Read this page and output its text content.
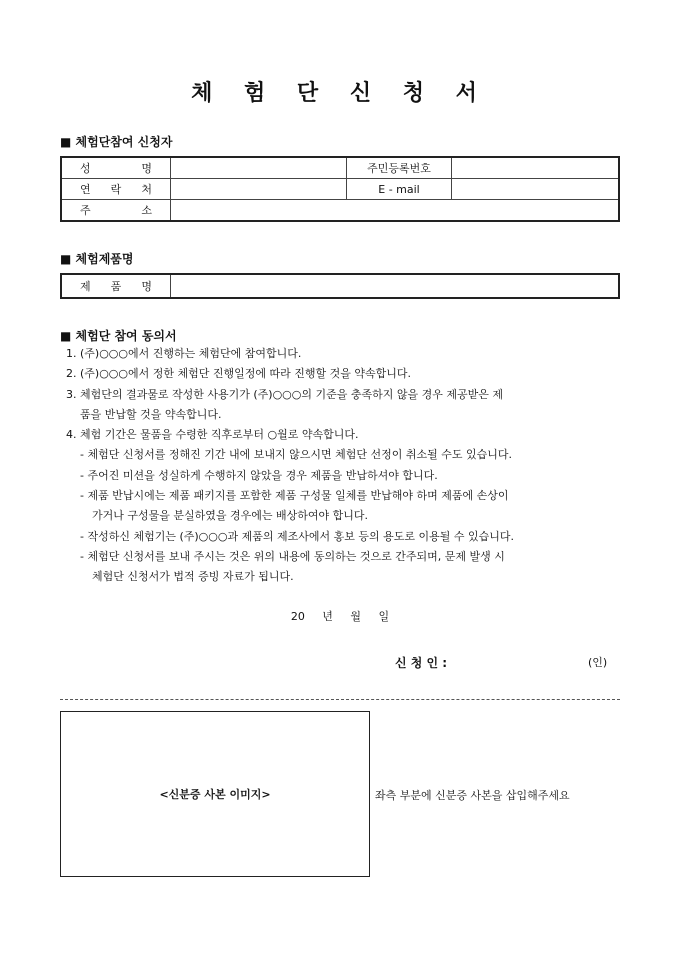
체 험 단 신 청 서
■ 체험단참여 신청자
성 명		주민등록번호	

연 락 처		E - mail	

주 소			

■ 체험제품명
제 품 명

■ 체험단 참여 동의서
1. (주)○○○에서 진행하는 체험단에 참여합니다.
2. (주)○○○에서 정한 체험단 진행일정에 따라 진행할 것을 약속합니다.
3. 체험단의 결과물로 작성한 사용기가 (주)○○○의 기준을 충족하지 않을 경우 제공받은 제
품을 반납할 것을 약속합니다.
4. 체험 기간은 물품을 수령한 직후로부터 ○월로 약속합니다.
- 체험단 신청서를 정해진 기간 내에 보내지 않으시면 체험단 선정이 취소될 수도 있습니다.
- 주어진 미션을 성실하게 수행하지 않았을 경우 제품을 반납하셔야 합니다.
- 제품 반납시에는 제품 패키지를 포함한 제품 구성물 일체를 반납해야 하며 제품에 손상이
가거나 구성물을 분실하였을 경우에는 배상하여야 합니다.
- 작성하신 체험기는 (주)○○○과 제품의 제조사에서 홍보 등의 용도로 이용될 수 있습니다.
- 체험단 신청서를 보내 주시는 것은 위의 내용에 동의하는 것으로 간주되며, 문제 발생 시
체험단 신청서가 법적 증빙 자료가 됩니다.
20     년     월     일
신 청 인 :	(인)
<신분증 사본 이미지>	좌측 부분에 신분증 사본을 삽입해주세요
